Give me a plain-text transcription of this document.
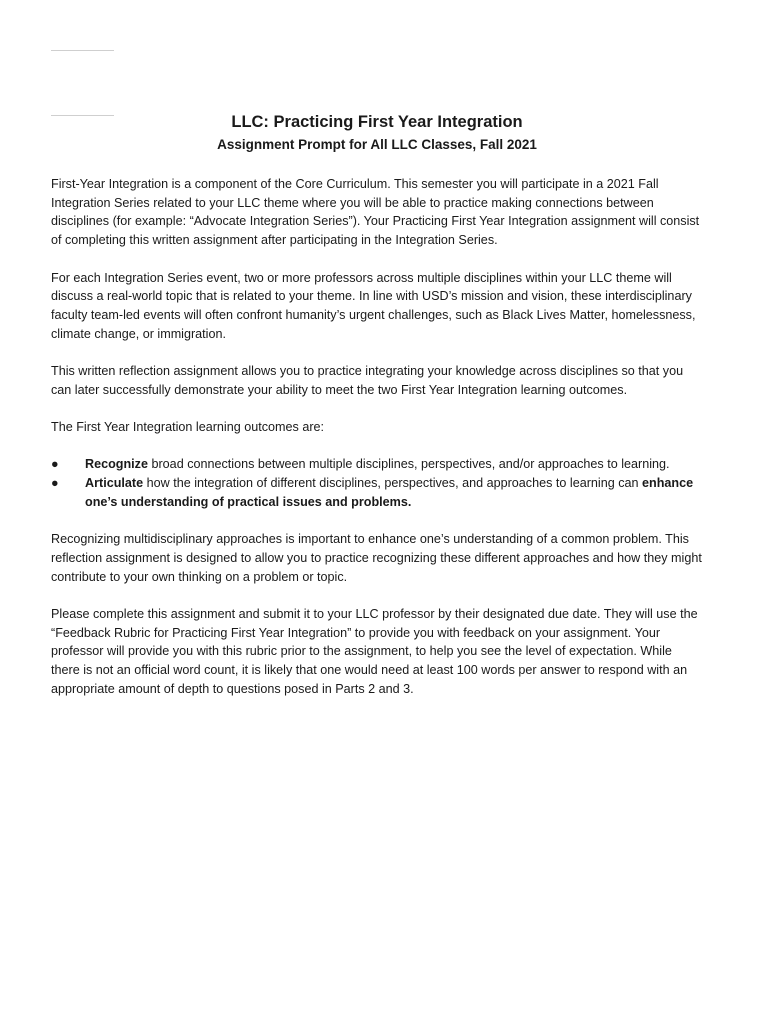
LLC: Practicing First Year Integration
Assignment Prompt for All LLC Classes, Fall 2021

First-Year Integration is a component of the Core Curriculum. This semester you will participate in a 2021 Fall Integration Series related to your LLC theme where you will be able to practice making connections between disciplines (for example: “Advocate Integration Series”). Your Practicing First Year Integration assignment will consist of completing this written assignment after participating in the Integration Series.

For each Integration Series event, two or more professors across multiple disciplines within your LLC theme will discuss a real-world topic that is related to your theme. In line with USD’s mission and vision, these interdisciplinary faculty team-led events will often confront humanity’s urgent challenges, such as Black Lives Matter, homelessness, climate change, or immigration.

This written reflection assignment allows you to practice integrating your knowledge across disciplines so that you can later successfully demonstrate your ability to meet the two First Year Integration learning outcomes.

The First Year Integration learning outcomes are:

● Recognize broad connections between multiple disciplines, perspectives, and/or approaches to learning.
● Articulate how the integration of different disciplines, perspectives, and approaches to learning can enhance one’s understanding of practical issues and problems.

Recognizing multidisciplinary approaches is important to enhance one’s understanding of a common problem. This reflection assignment is designed to allow you to practice recognizing these different approaches and how they might contribute to your own thinking on a problem or topic.

Please complete this assignment and submit it to your LLC professor by their designated due date. They will use the “Feedback Rubric for Practicing First Year Integration” to provide you with feedback on your assignment. Your professor will provide you with this rubric prior to the assignment, to help you see the level of expectation. While there is not an official word count, it is likely that one would need at least 100 words per answer to respond with an appropriate amount of depth to questions posed in Parts 2 and 3.
